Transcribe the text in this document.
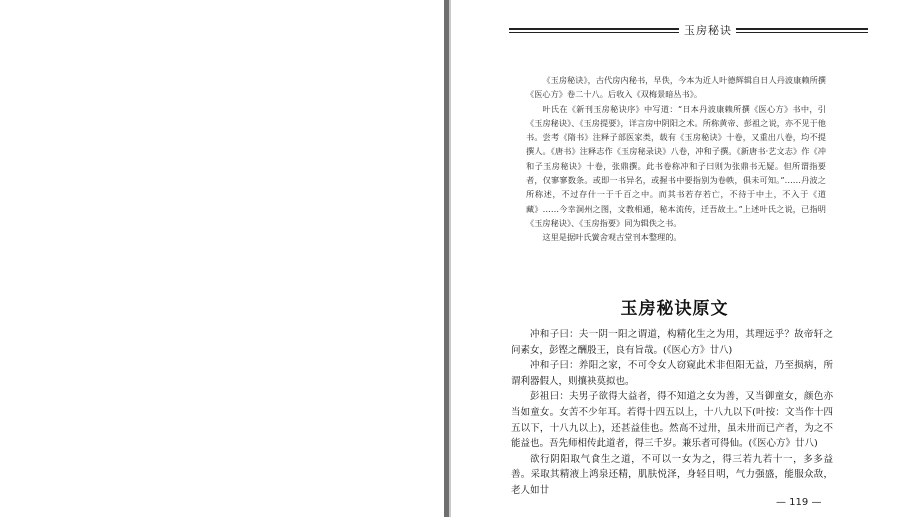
玉房秘诀

《玉房秘诀》，古代房内秘书，早佚，今本为近人叶德辉辑自日人丹波康赖所撰《医心方》卷二十八。后收入《双梅景暗丛书》。

叶氏在《新刊玉房秘诀序》中写道：“日本丹波康赖所撰《医心方》书中，引《玉房秘诀》、《玉房提要》，详言房中阴阳之术。所称黄帝、彭祖之说，亦不见于他书。尝考《隋书》注释子部医家类，载有《玉房秘诀》十卷，又重出八卷，均不提撰人。《唐书》注释志作《玉房秘录诀》八卷，冲和子撰。《新唐书·艺文志》作《冲和子玉房秘诀》十卷，张鼎撰。此书卷称冲和子曰则为张鼎书无疑。但所谓指要者，仅寥寥数条。或即一书异名，或握书中要指别为卷帙，俱未可知。”……丹波之所称述，不过存什一于千百之中。而其书若存若亡，不待于中土，不入于《道藏》……今幸洞州之图，文教相通，秘本流传，迁吾故土。”上述叶氏之说，已指明《玉房秘诀》、《玉房指要》同为辑佚之书。

这里是据叶氏黉舍观古堂刊本整理的。

玉房秘诀原文

冲和子曰：夫一阴一阳之谓道，构精化生之为用，其理远乎？故帝轩之问素女，彭铿之酬殷王，良有旨哉。(《医心方》廿八)

冲和子曰：养阳之家，不可令女人窃窥此术非但阳无益，乃至损病，所谓利器假人，则攘袂莫拟也。

彭祖曰：夫男子欲得大益者，得不知道之女为善，又当御童女，颜色亦当如童女。女苦不少年耳。若得十四五以上，十八九以下(叶按：文当作十四五以下，十八九以上)，还甚益佳也。然高不过卅，虽未卅而已产者，为之不能益也。吾先师相传此道者，得三千岁。兼乐者可得仙。(《医心方》廿八)

欲行阴阳取气食生之道，不可以一女为之，得三若九若十一，多多益善。采取其精液上鸿泉还精，肌肤悦泽，身轻目明，气力强盛，能服众敌，老人如廿

— 119 —
